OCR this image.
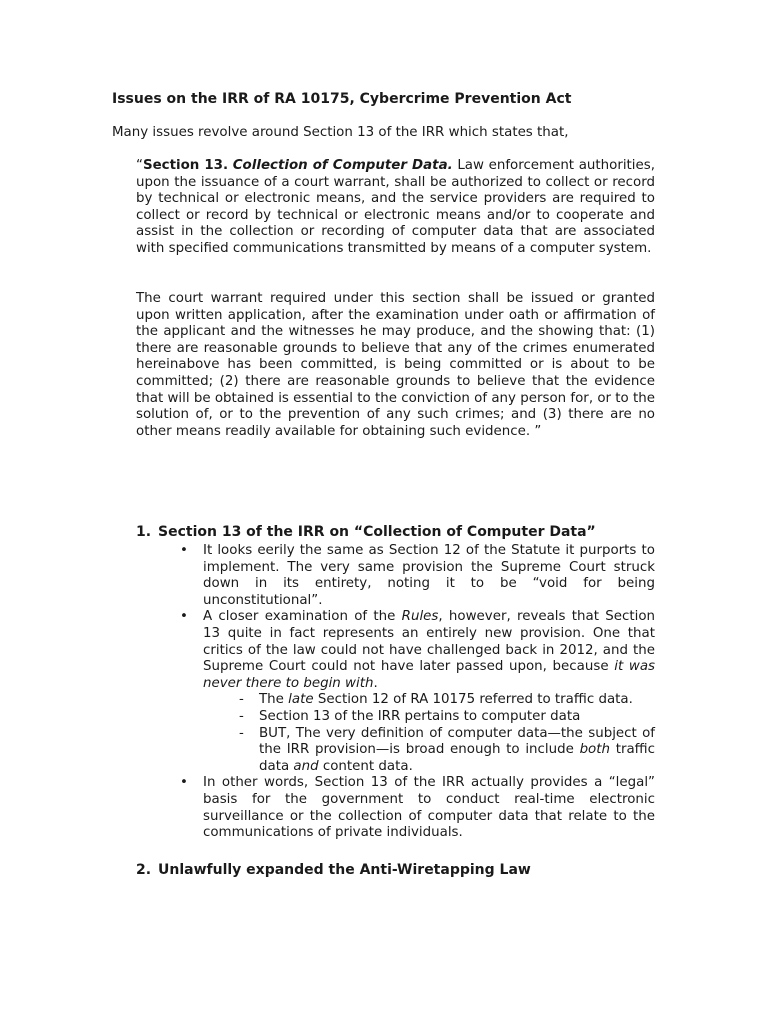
Issues on the IRR of RA 10175, Cybercrime Prevention Act
Many issues revolve around Section 13 of the IRR which states that,
“Section 13. Collection of Computer Data. Law enforcement authorities, upon the issuance of a court warrant, shall be authorized to collect or record by technical or electronic means, and the service providers are required to collect or record by technical or electronic means and/or to cooperate and assist in the collection or recording of computer data that are associated with specified communications transmitted by means of a computer system.
The court warrant required under this section shall be issued or granted upon written application, after the examination under oath or affirmation of the applicant and the witnesses he may produce, and the showing that: (1) there are reasonable grounds to believe that any of the crimes enumerated hereinabove has been committed, is being committed or is about to be committed; (2) there are reasonable grounds to believe that the evidence that will be obtained is essential to the conviction of any person for, or to the solution of, or to the prevention of any such crimes; and (3) there are no other means readily available for obtaining such evidence. ”
1. Section 13 of the IRR on “Collection of Computer Data”
• It looks eerily the same as Section 12 of the Statute it purports to implement. The very same provision the Supreme Court struck down in its entirety, noting it to be “void for being unconstitutional”.
• A closer examination of the Rules, however, reveals that Section 13 quite in fact represents an entirely new provision. One that critics of the law could not have challenged back in 2012, and the Supreme Court could not have later passed upon, because it was never there to begin with.
- The late Section 12 of RA 10175 referred to traffic data.
- Section 13 of the IRR pertains to computer data
- BUT, The very definition of computer data—the subject of the IRR provision—is broad enough to include both traffic data and content data.
• In other words, Section 13 of the IRR actually provides a “legal” basis for the government to conduct real-time electronic surveillance or the collection of computer data that relate to the communications of private individuals.
2. Unlawfully expanded the Anti-Wiretapping Law
